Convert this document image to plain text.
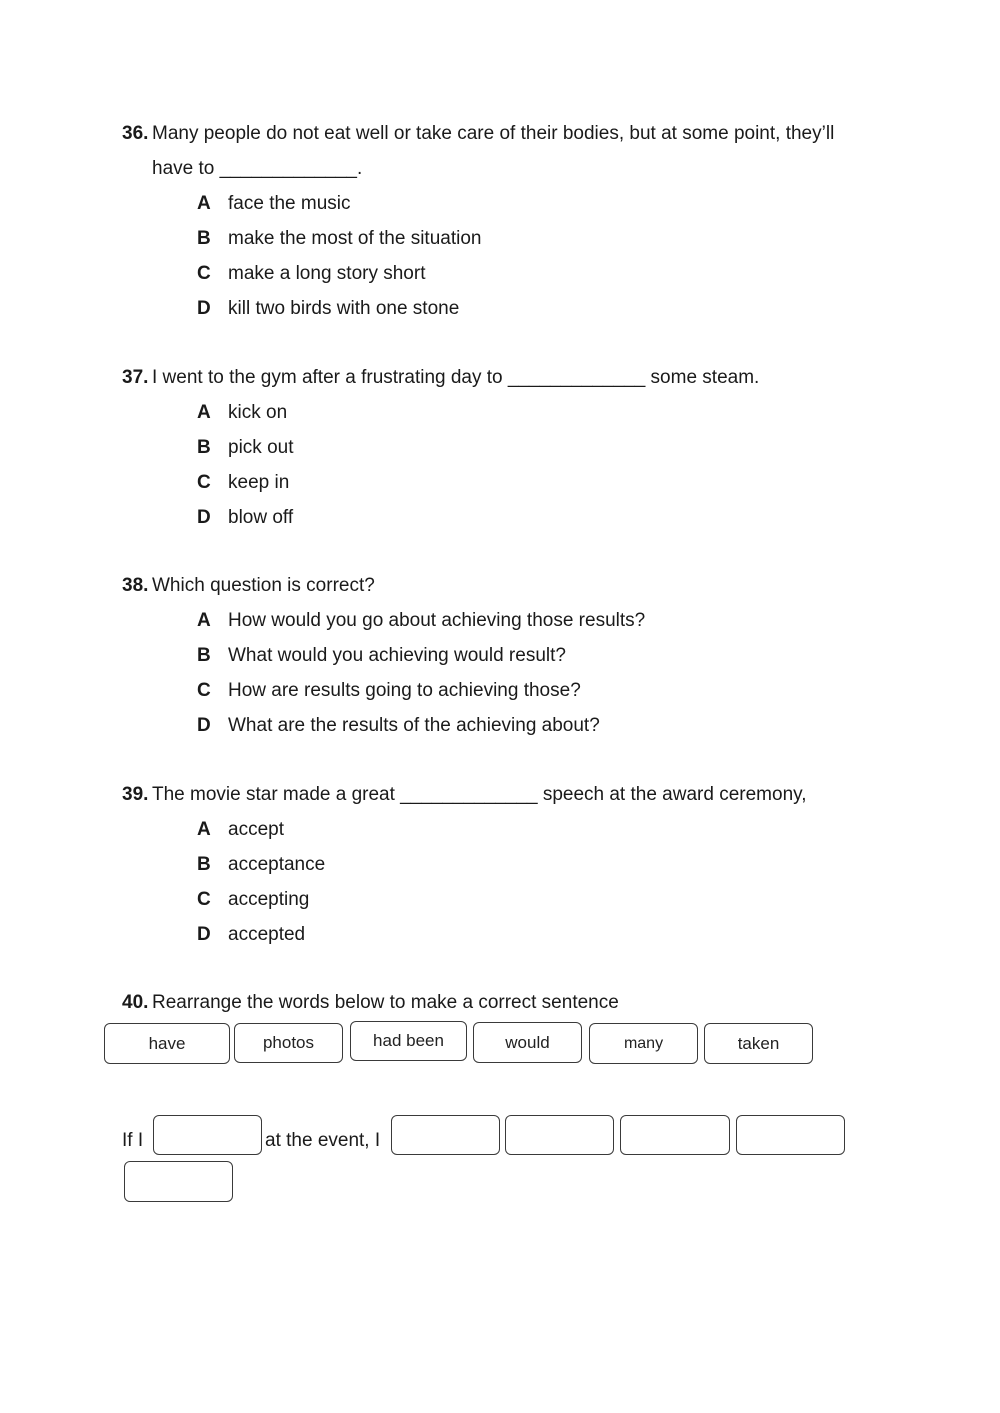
36. Many people do not eat well or take care of their bodies, but at some point, they’ll
have to _____________.
A face the music
B make the most of the situation
C make a long story short
D kill two birds with one stone
37. I went to the gym after a frustrating day to _____________ some steam.
A kick on
B pick out
C keep in
D blow off
38. Which question is correct?
A How would you go about achieving those results?
B What would you achieving would result?
C How are results going to achieving those?
D What are the results of the achieving about?
39. The movie star made a great _____________ speech at the award ceremony,
A accept
B acceptance
C accepting
D accepted
40. Rearrange the words below to make a correct sentence
have	photos	had been	would	many	taken
If I	at the event, I
